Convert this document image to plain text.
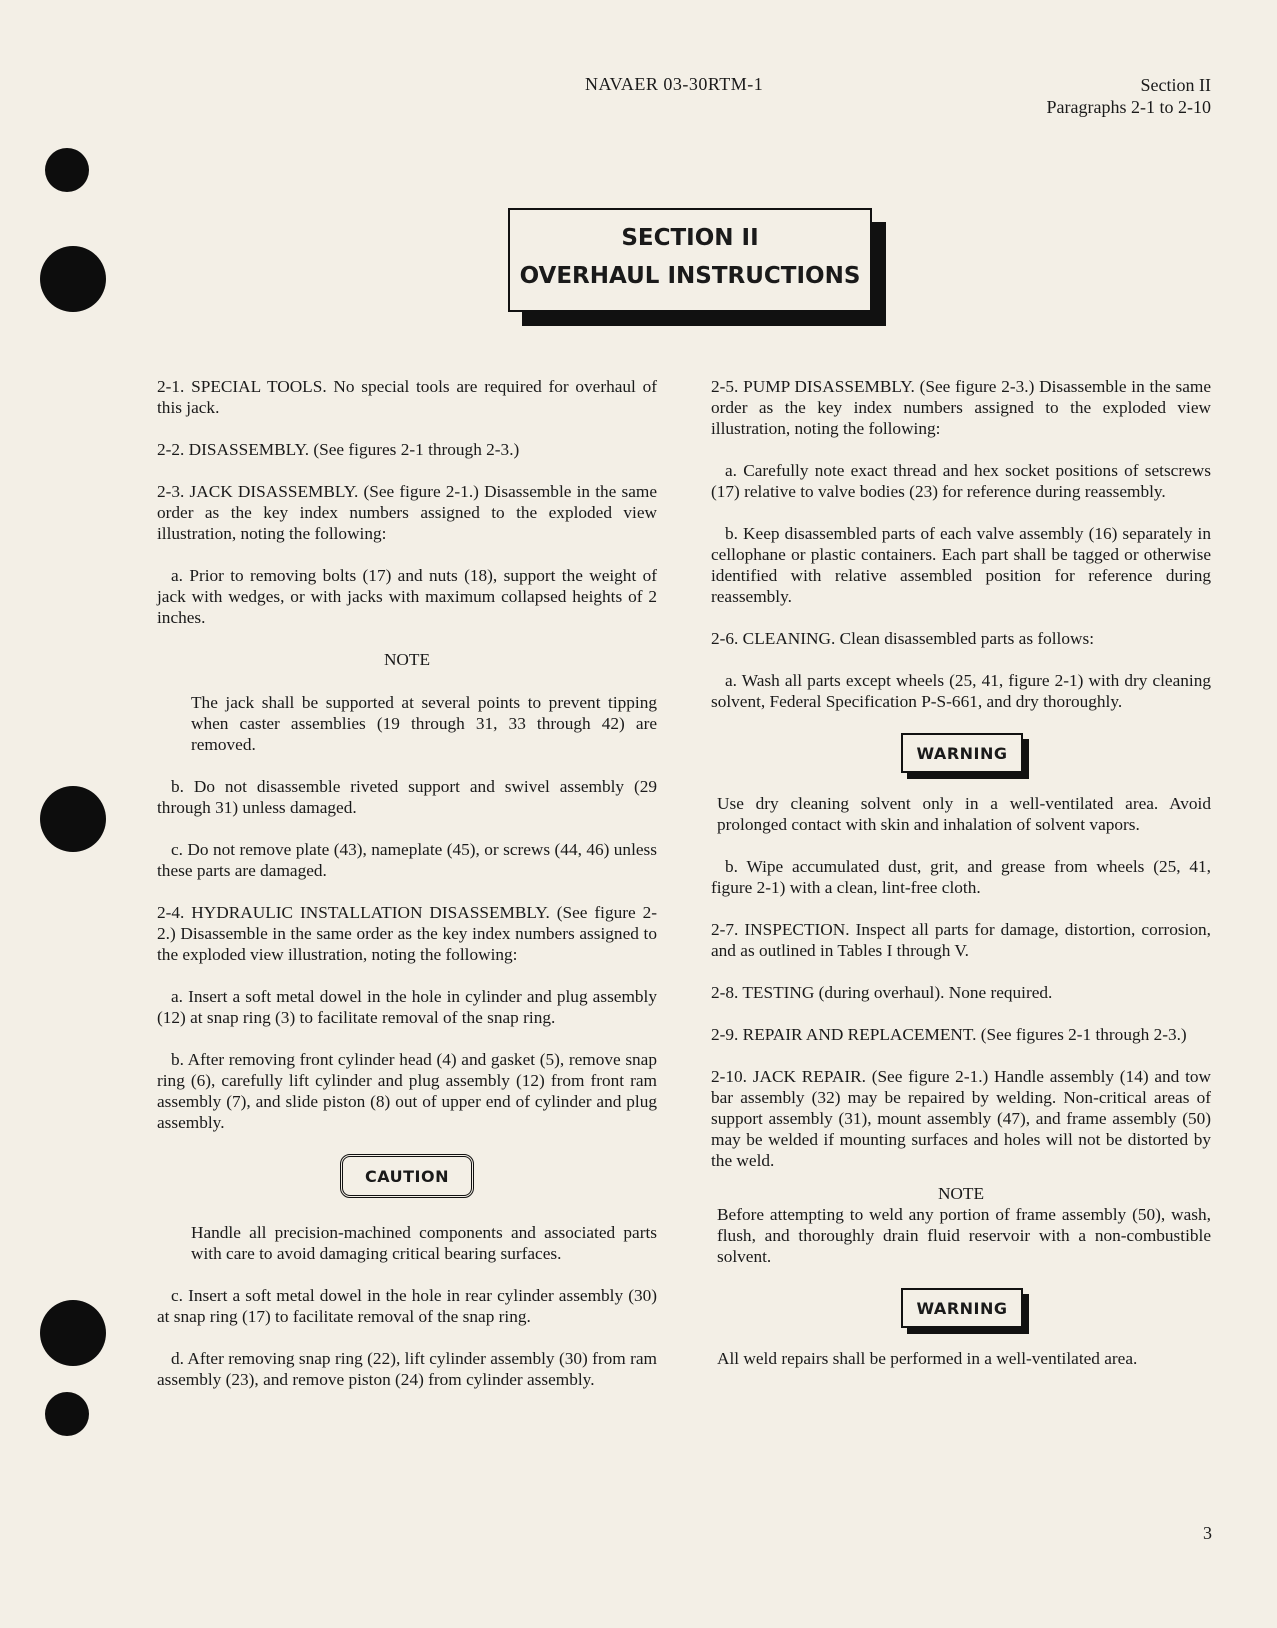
NAVAER 03-30RTM-1	Section II
Paragraphs 2-1 to 2-10
SECTION II
OVERHAUL INSTRUCTIONS

2-1. SPECIAL TOOLS. No special tools are required for overhaul of this jack.

2-2. DISASSEMBLY. (See figures 2-1 through 2-3.)

2-3. JACK DISASSEMBLY. (See figure 2-1.) Disassemble in the same order as the key index numbers assigned to the exploded view illustration, noting the following:

a. Prior to removing bolts (17) and nuts (18), support the weight of jack with wedges, or with jacks with maximum collapsed heights of 2 inches.

NOTE
The jack shall be supported at several points to prevent tipping when caster assemblies (19 through 31, 33 through 42) are removed.

b. Do not disassemble riveted support and swivel assembly (29 through 31) unless damaged.

c. Do not remove plate (43), nameplate (45), or screws (44, 46) unless these parts are damaged.

2-4. HYDRAULIC INSTALLATION DISASSEMBLY. (See figure 2-2.) Disassemble in the same order as the key index numbers assigned to the exploded view illustration, noting the following:

a. Insert a soft metal dowel in the hole in cylinder and plug assembly (12) at snap ring (3) to facilitate removal of the snap ring.

b. After removing front cylinder head (4) and gasket (5), remove snap ring (6), carefully lift cylinder and plug assembly (12) from front ram assembly (7), and slide piston (8) out of upper end of cylinder and plug assembly.

CAUTION
Handle all precision-machined components and associated parts with care to avoid damaging critical bearing surfaces.

c. Insert a soft metal dowel in the hole in rear cylinder assembly (30) at snap ring (17) to facilitate removal of the snap ring.

d. After removing snap ring (22), lift cylinder assembly (30) from ram assembly (23), and remove piston (24) from cylinder assembly.

2-5. PUMP DISASSEMBLY. (See figure 2-3.) Disassemble in the same order as the key index numbers assigned to the exploded view illustration, noting the following:

a. Carefully note exact thread and hex socket positions of setscrews (17) relative to valve bodies (23) for reference during reassembly.

b. Keep disassembled parts of each valve assembly (16) separately in cellophane or plastic containers. Each part shall be tagged or otherwise identified with relative assembled position for reference during reassembly.

2-6. CLEANING. Clean disassembled parts as follows:

a. Wash all parts except wheels (25, 41, figure 2-1) with dry cleaning solvent, Federal Specification P-S-661, and dry thoroughly.

WARNING
Use dry cleaning solvent only in a well-ventilated area. Avoid prolonged contact with skin and inhalation of solvent vapors.

b. Wipe accumulated dust, grit, and grease from wheels (25, 41, figure 2-1) with a clean, lint-free cloth.

2-7. INSPECTION. Inspect all parts for damage, distortion, corrosion, and as outlined in Tables I through V.

2-8. TESTING (during overhaul). None required.

2-9. REPAIR AND REPLACEMENT. (See figures 2-1 through 2-3.)

2-10. JACK REPAIR. (See figure 2-1.) Handle assembly (14) and tow bar assembly (32) may be repaired by welding. Non-critical areas of support assembly (31), mount assembly (47), and frame assembly (50) may be welded if mounting surfaces and holes will not be distorted by the weld.

NOTE
Before attempting to weld any portion of frame assembly (50), wash, flush, and thoroughly drain fluid reservoir with a non-combustible solvent.
WARNING
All weld repairs shall be performed in a well-ventilated area.
3
